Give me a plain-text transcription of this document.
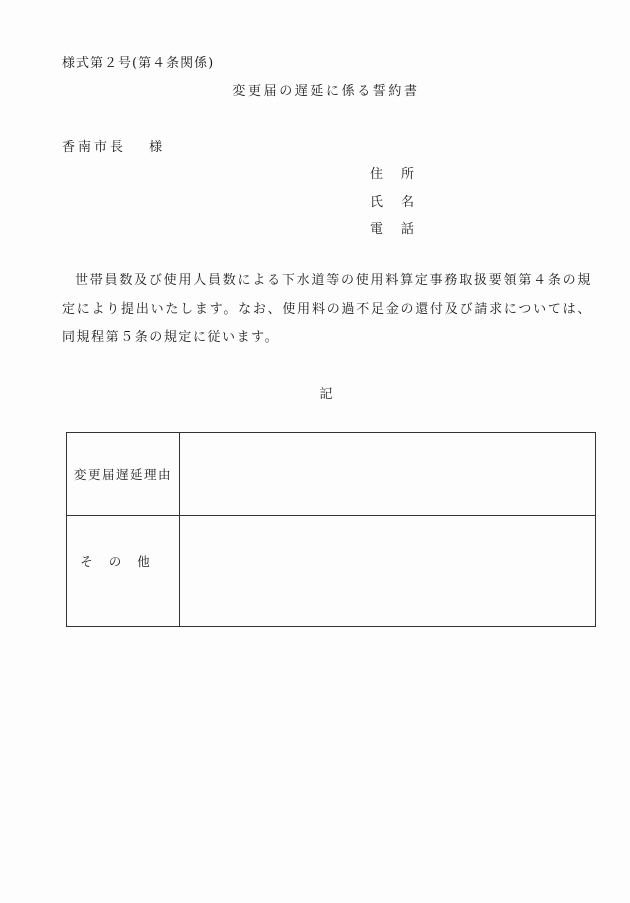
様式第２号(第４条関係)
変更届の遅延に係る誓約書
香南市長　 様
住 所
氏 名
電 話
世帯員数及び使用人員数による下水道等の使用料算定事務取扱要領第４条の規定により提出いたします。なお、使用料の過不足金の還付及び請求については、同規程第５条の規定に従います。
記
変更届遅延理由	
その他	
